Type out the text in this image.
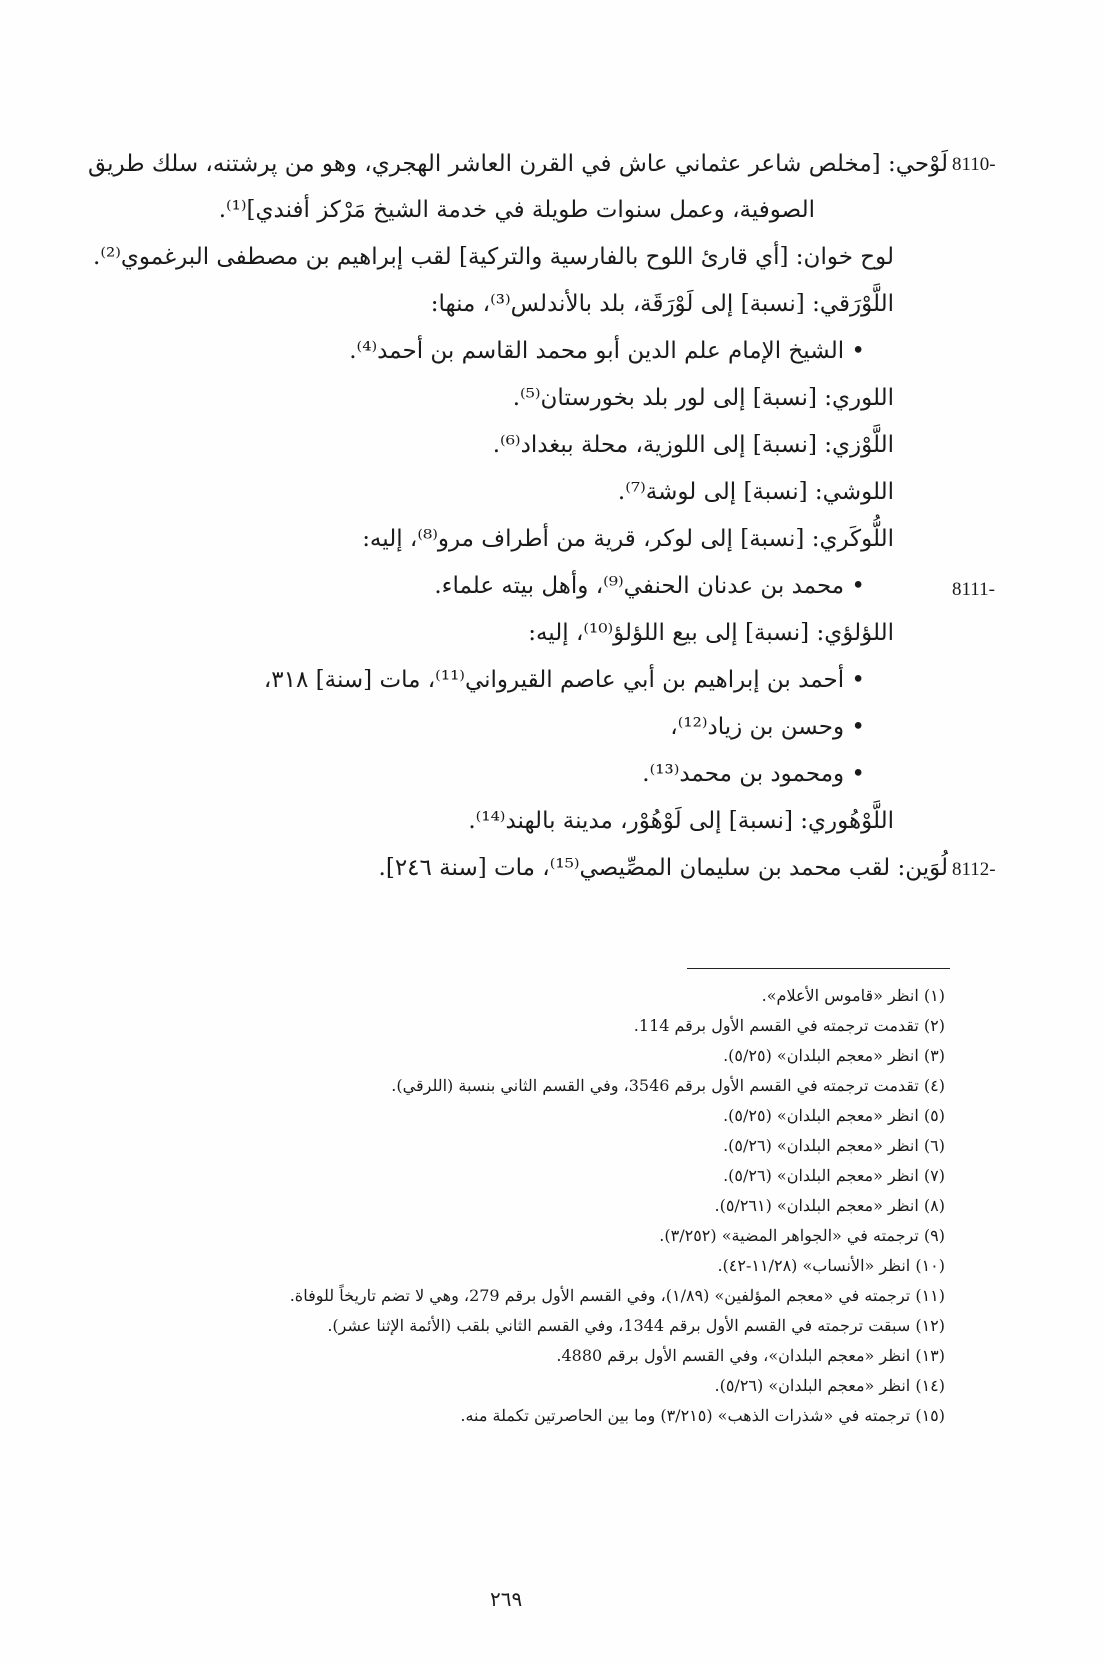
8110-
لَوْحي: [مخلص شاعر عثماني عاش في القرن العاشر الهجري، وهو من پرشتنه، سلك طريق
الصوفية، وعمل سنوات طويلة في خدمة الشيخ مَرْكز أفندي]⁽¹⁾.
لوح خوان: [أي قارئ اللوح بالفارسية والتركية] لقب إبراهيم بن مصطفى البرغموي⁽²⁾.
اللَّوْرَقي: [نسبة] إلى لَوْرَقَة، بلد بالأندلس⁽³⁾، منها:
• الشيخ الإمام علم الدين أبو محمد القاسم بن أحمد⁽⁴⁾.
اللوري: [نسبة] إلى لور بلد بخورستان⁽⁵⁾.
اللَّوْزي: [نسبة] إلى اللوزية، محلة ببغداد⁽⁶⁾.
اللوشي: [نسبة] إلى لوشة⁽⁷⁾.
اللُّوكَري: [نسبة] إلى لوكر، قرية من أطراف مرو⁽⁸⁾، إليه:
8111-
• محمد بن عدنان الحنفي⁽⁹⁾، وأهل بيته علماء.
اللؤلؤي: [نسبة] إلى بيع اللؤلؤ⁽¹⁰⁾، إليه:
• أحمد بن إبراهيم بن أبي عاصم القيرواني⁽¹¹⁾، مات [سنة] ٣١٨،
• وحسن بن زياد⁽¹²⁾،
• ومحمود بن محمد⁽¹³⁾.
اللَّوْهُوري: [نسبة] إلى لَوْهُوْر، مدينة بالهند⁽¹⁴⁾.
8112-
لُوَين: لقب محمد بن سليمان المصِّيصي⁽¹⁵⁾، مات [سنة ٢٤٦].
(١) انظر «قاموس الأعلام».
(٢) تقدمت ترجمته في القسم الأول برقم 114.
(٣) انظر «معجم البلدان» (٥/٢٥).
(٤) تقدمت ترجمته في القسم الأول برقم 3546، وفي القسم الثاني بنسبة (اللرقي).
(٥) انظر «معجم البلدان» (٥/٢٥).
(٦) انظر «معجم البلدان» (٥/٢٦).
(٧) انظر «معجم البلدان» (٥/٢٦).
(٨) انظر «معجم البلدان» (٥/٢٦١).
(٩) ترجمته في «الجواهر المضية» (٣/٢٥٢).
(١٠) انظر «الأنساب» (١١/٢٨-٤٢).
(١١) ترجمته في «معجم المؤلفين» (١/٨٩)، وفي القسم الأول برقم 279، وهي لا تضم تاريخاً للوفاة.
(١٢) سبقت ترجمته في القسم الأول برقم 1344، وفي القسم الثاني بلقب (الأئمة الإثنا عشر).
(١٣) انظر «معجم البلدان»، وفي القسم الأول برقم 4880.
(١٤) انظر «معجم البلدان» (٥/٢٦).
(١٥) ترجمته في «شذرات الذهب» (٣/٢١٥) وما بين الحاصرتين تكملة منه.
٢٦٩
